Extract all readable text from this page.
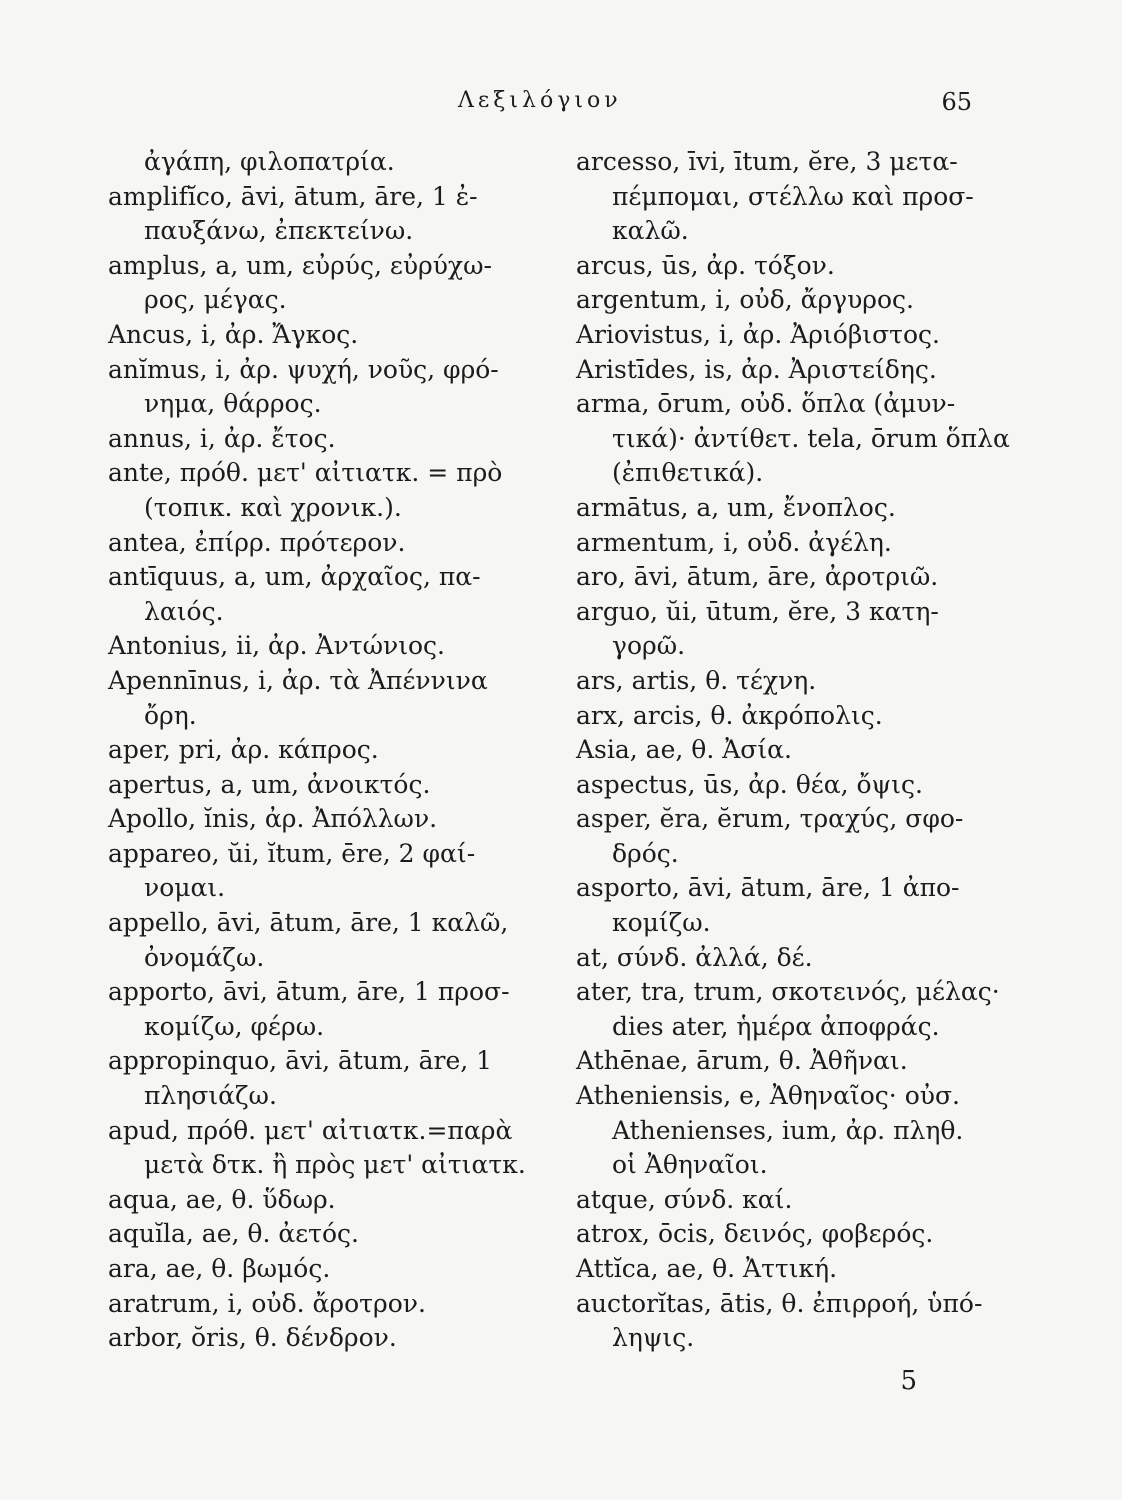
Λεξιλόγιον	65
ἀγάπη, φιλοπατρία.
amplifĭco, āvi, ātum, āre, 1 ἐ-
παυξάνω, ἐπεκτείνω.
amplus, a, um, εὐρύς, εὐρύχω-
ρος, μέγας.
Ancus, i, ἀρ. Ἄγκος.
anĭmus, i, ἀρ. ψυχή, νοῦς, φρό-
νημα, θάρρος.
annus, i, ἀρ. ἔτος.
ante, πρόθ. μετ' αἰτιατκ. = πρὸ
(τοπικ. καὶ χρονικ.).
antea, ἐπίρρ. πρότερον.
antīquus, a, um, ἀρχαῖος, πα-
λαιός.
Antonius, ii, ἀρ. Ἀντώνιος.
Apennīnus, i, ἀρ. τὰ Ἀπέννινα
ὄρη.
aper, pri, ἀρ. κάπρος.
apertus, a, um, ἀνοικτός.
Apollo, ĭnis, ἀρ. Ἀπόλλων.
appareo, ŭi, ĭtum, ēre, 2 φαί-
νομαι.
appello, āvi, ātum, āre, 1 καλῶ,
ὀνομάζω.
apporto, āvi, ātum, āre, 1 προσ-
κομίζω, φέρω.
appropinquo, āvi, ātum, āre, 1
πλησιάζω.
apud, πρόθ. μετ' αἰτιατκ.=παρὰ
μετὰ δτκ. ἢ πρὸς μετ' αἰτιατκ.
aqua, ae, θ. ὕδωρ.
aquĭla, ae, θ. ἀετός.
ara, ae, θ. βωμός.
aratrum, i, οὐδ. ἄροτρον.
arbor, ŏris, θ. δένδρον.
arcesso, īvi, ītum, ĕre, 3 μετα-
πέμπομαι, στέλλω καὶ προσ-
καλῶ.
arcus, ūs, ἀρ. τόξον.
argentum, i, οὐδ, ἄργυρος.
Ariovistus, i, ἀρ. Ἀριόβιστος.
Aristīdes, is, ἀρ. Ἀριστείδης.
arma, ōrum, οὐδ. ὅπλα (ἀμυν-
τικά)· ἀντίθετ. tela, ōrum ὅπλα
(ἐπιθετικά).
armātus, a, um, ἔνοπλος.
armentum, i, οὐδ. ἀγέλη.
aro, āvi, ātum, āre, ἀροτριῶ.
arguo, ŭi, ūtum, ĕre, 3 κατη-
γορῶ.
ars, artis, θ. τέχνη.
arx, arcis, θ. ἀκρόπολις.
Asia, ae, θ. Ἀσία.
aspectus, ūs, ἀρ. θέα, ὄψις.
asper, ĕra, ĕrum, τραχύς, σφο-
δρός.
asporto, āvi, ātum, āre, 1 ἀπο-
κομίζω.
at, σύνδ. ἀλλά, δέ.
ater, tra, trum, σκοτεινός, μέλας·
dies ater, ἡμέρα ἀποφράς.
Athēnae, ārum, θ. Ἀθῆναι.
Atheniensis, e, Ἀθηναῖος· οὐσ.
Athenienses, ium, ἀρ. πληθ.
οἱ Ἀθηναῖοι.
atque, σύνδ. καί.
atrox, ōcis, δεινός, φοβερός.
Attĭca, ae, θ. Ἀττική.
auctorĭtas, ātis, θ. ἐπιρροή, ὑπό-
ληψις.
5
